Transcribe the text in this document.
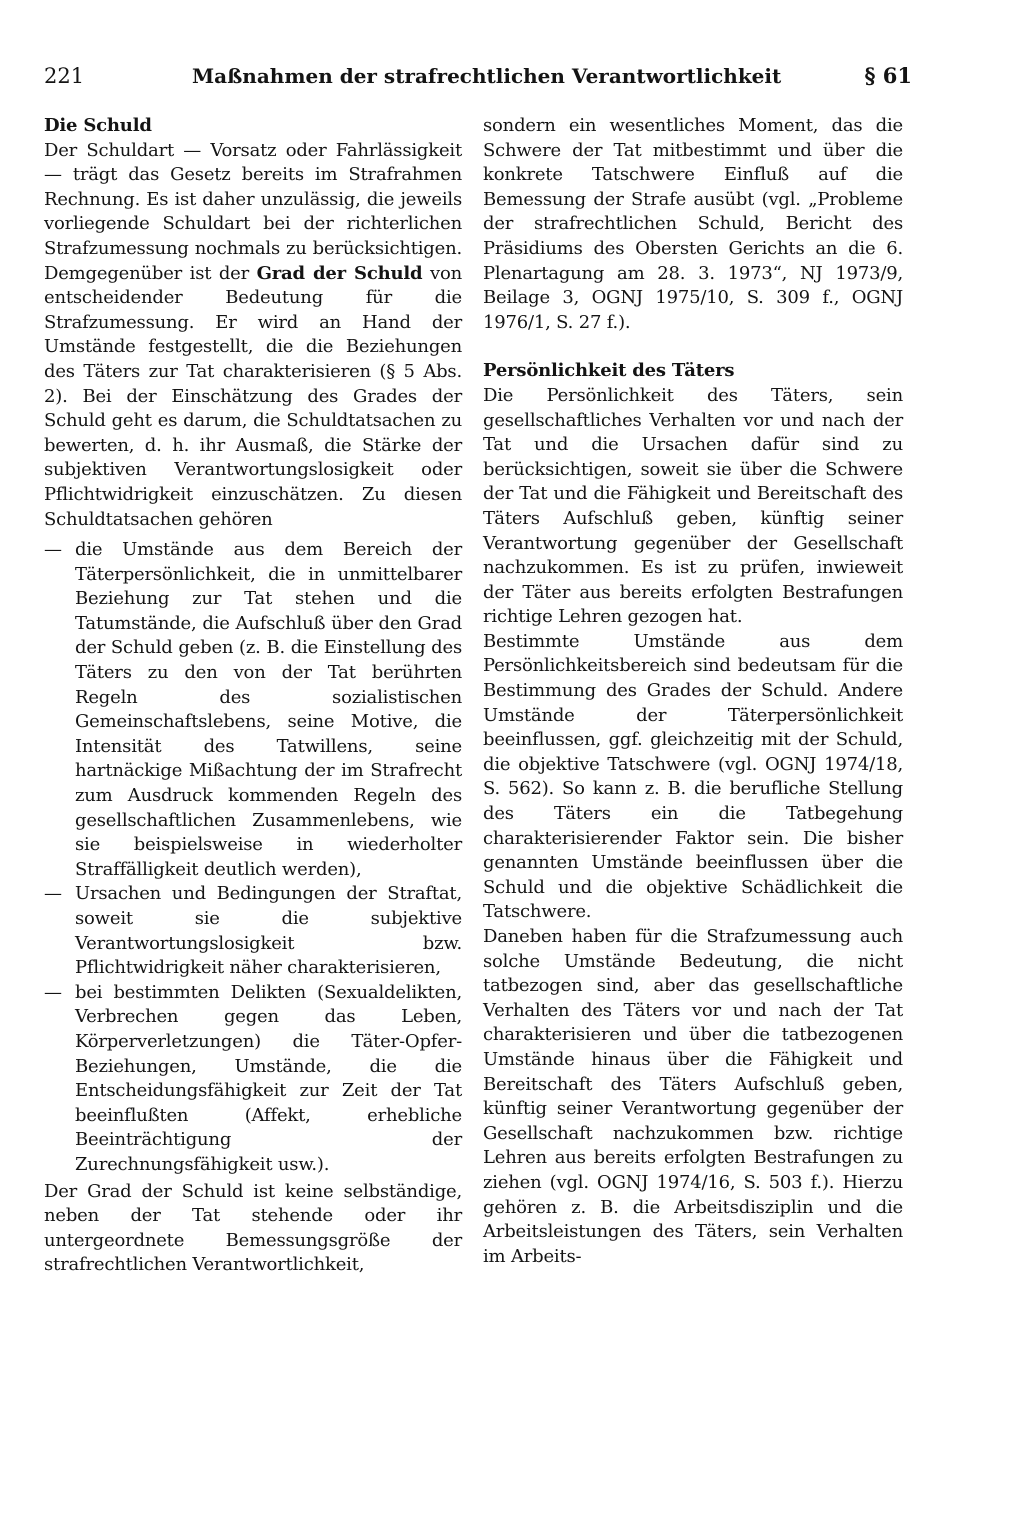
221	Maßnahmen der strafrechtlichen Verantwortlichkeit	§ 61
Die Schuld

Der Schuldart — Vorsatz oder Fahrlässigkeit — trägt das Gesetz bereits im Strafrahmen Rechnung. Es ist daher unzulässig, die jeweils vorliegende Schuldart bei der richterlichen Strafzumessung nochmals zu berücksichtigen. Demgegenüber ist der Grad der Schuld von entscheidender Bedeutung für die Strafzumessung. Er wird an Hand der Umstände festgestellt, die die Beziehungen des Täters zur Tat charakterisieren (§ 5 Abs. 2). Bei der Einschätzung des Grades der Schuld geht es darum, die Schuldtatsachen zu bewerten, d. h. ihr Ausmaß, die Stärke der subjektiven Verantwortungslosigkeit oder Pflichtwidrigkeit einzuschätzen. Zu diesen Schuldtatsachen gehören

— die Umstände aus dem Bereich der Täterpersönlichkeit, die in unmittelbarer Beziehung zur Tat stehen und die Tatumstände, die Aufschluß über den Grad der Schuld geben (z. B. die Einstellung des Täters zu den von der Tat berührten Regeln des sozialistischen Gemeinschaftslebens, seine Motive, die Intensität des Tatwillens, seine hartnäckige Mißachtung der im Strafrecht zum Ausdruck kommenden Regeln des gesellschaftlichen Zusammenlebens, wie sie beispielsweise in wiederholter Straffälligkeit deutlich werden),
— Ursachen und Bedingungen der Straftat, soweit sie die subjektive Verantwortungslosigkeit bzw. Pflichtwidrigkeit näher charakterisieren,
— bei bestimmten Delikten (Sexualdelikten, Verbrechen gegen das Leben, Körperverletzungen) die Täter-Opfer-Beziehungen, Umstände, die die Entscheidungsfähigkeit zur Zeit der Tat beeinflußten (Affekt, erhebliche Beeinträchtigung der Zurechnungsfähigkeit usw.).

Der Grad der Schuld ist keine selbständige, neben der Tat stehende oder ihr untergeordnete Bemessungsgröße der strafrechtlichen Verantwortlichkeit,

sondern ein wesentliches Moment, das die Schwere der Tat mitbestimmt und über die konkrete Tatschwere Einfluß auf die Bemessung der Strafe ausübt (vgl. „Probleme der strafrechtlichen Schuld, Bericht des Präsidiums des Obersten Gerichts an die 6. Plenartagung am 28. 3. 1973“, NJ 1973/9, Beilage 3, OGNJ 1975/10, S. 309 f., OGNJ 1976/1, S. 27 f.).

Persönlichkeit des Täters

Die Persönlichkeit des Täters, sein gesellschaftliches Verhalten vor und nach der Tat und die Ursachen dafür sind zu berücksichtigen, soweit sie über die Schwere der Tat und die Fähigkeit und Bereitschaft des Täters Aufschluß geben, künftig seiner Verantwortung gegenüber der Gesellschaft nachzukommen. Es ist zu prüfen, inwieweit der Täter aus bereits erfolgten Bestrafungen richtige Lehren gezogen hat.

Bestimmte Umstände aus dem Persönlichkeitsbereich sind bedeutsam für die Bestimmung des Grades der Schuld. Andere Umstände der Täterpersönlichkeit beeinflussen, ggf. gleichzeitig mit der Schuld, die objektive Tatschwere (vgl. OGNJ 1974/18, S. 562). So kann z. B. die berufliche Stellung des Täters ein die Tatbegehung charakterisierender Faktor sein. Die bisher genannten Umstände beeinflussen über die Schuld und die objektive Schädlichkeit die Tatschwere.

Daneben haben für die Strafzumessung auch solche Umstände Bedeutung, die nicht tatbezogen sind, aber das gesellschaftliche Verhalten des Täters vor und nach der Tat charakterisieren und über die tatbezogenen Umstände hinaus über die Fähigkeit und Bereitschaft des Täters Aufschluß geben, künftig seiner Verantwortung gegenüber der Gesellschaft nachzukommen bzw. richtige Lehren aus bereits erfolgten Bestrafungen zu ziehen (vgl. OGNJ 1974/16, S. 503 f.). Hierzu gehören z. B. die Arbeitsdisziplin und die Arbeitsleistungen des Täters, sein Verhalten im Arbeits-
